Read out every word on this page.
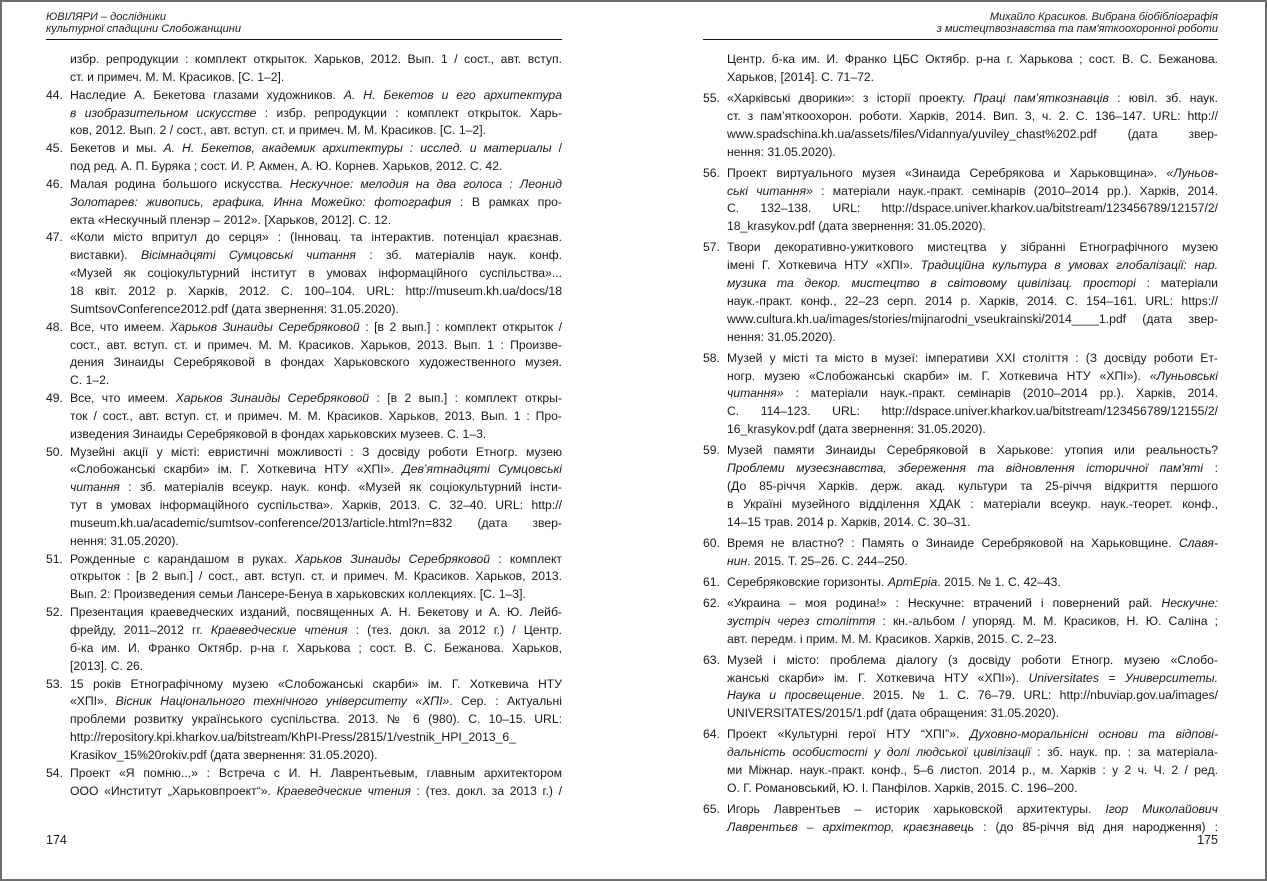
ЮВІЛЯРИ – дослідники
культурної спадщини Слобожанщини
избр. репродукции : комплект открыток. Харьков, 2012. Вып. 1 / сост., авт. вступ.
ст. и примеч. М. М. Красиков. [С. 1–2].
44. Наследие А. Бекетова глазами художников. А. Н. Бекетов и его архитектура
в изобразительном искусстве : избр. репродукции : комплект открыток. Харь-
ков, 2012. Вып. 2 / сост., авт. вступ. ст. и примеч. М. М. Красиков. [С. 1–2].
45. Бекетов и мы. А. Н. Бекетов, академик архитектуры : исслед. и материалы /
под ред. А. П. Буряка ; сост. И. Р. Акмен, А. Ю. Корнев. Харьков, 2012. С. 42.
46. Малая родина большого искусства. Нескучное: мелодия на два голоса : Леонид
Золотарев: живопись, графика. Инна Можейко: фотография : В рамках про-
екта «Нескучный пленэр – 2012». [Харьков, 2012]. С. 12.
47. «Коли місто впритул до серця» : (Інновац. та інтерактив. потенціал краєзнав.
виставки). Вісімнадцяті Сумцовські читання : зб. матеріалів наук. конф.
«Музей як соціокультурний інститут в умовах інформаційного суспільства»...
18 квіт. 2012 р. Харків, 2012. С. 100–104. URL: http://museum.kh.ua/docs/18
SumtsovConference2012.pdf (дата звернення: 31.05.2020).
48. Все, что имеем. Харьков Зинаиды Серебряковой : [в 2 вып.] : комплект открыток /
сост., авт. вступ. ст. и примеч. М. М. Красиков. Харьков, 2013. Вып. 1 : Произве-
дения Зинаиды Серебряковой в фондах Харьковского художественного музея.
С. 1–2.
49. Все, что имеем. Харьков Зинаиды Серебряковой : [в 2 вып.] : комплект откры-
ток / сост., авт. вступ. ст. и примеч. М. М. Красиков. Харьков, 2013. Вып. 1 : Про-
изведения Зинаиды Серебряковой в фондах харьковских музеев. С. 1–3.
50. Музейні акції у місті: евристичні можливості : З досвіду роботи Етногр. музею
«Слобожанські скарби» ім. Г. Хоткевича НТУ «ХПІ». Дев’ятнадцяті Сумцовські
читання : зб. матеріалів всеукр. наук. конф. «Музей як соціокультурний інсти-
тут в умовах інформаційного суспільства». Харків, 2013. С. 32–40. URL: http://
museum.kh.ua/academic/sumtsov-conference/2013/article.html?n=832 (дата звер-
нення: 31.05.2020).
51. Рожденные с карандашом в руках. Харьков Зинаиды Серебряковой : комплект
открыток : [в 2 вып.] / сост., авт. вступ. ст. и примеч. М. Красиков. Харьков, 2013.
Вып. 2: Произведения семьи Лансере-Бенуа в харьковских коллекциях. [С. 1–3].
52. Презентация краеведческих изданий, посвященных А. Н. Бекетову и А. Ю. Лейб-
фрейду, 2011–2012 гг. Краеведческие чтения : (тез. докл. за 2012 г.) / Центр.
б-ка им. И. Франко Октябр. р-на г. Харькова ; сост. В. С. Бежанова. Харьков,
[2013]. С. 26.
53. 15 років Етнографічному музею «Слобожанські скарби» ім. Г. Хоткевича НТУ
«ХПІ». Вісник Національного технічного університету «ХПІ». Сер. : Актуальні
проблеми розвитку українського суспільства. 2013. № 6 (980). С. 10–15. URL:
http://repository.kpi.kharkov.ua/bitstream/KhPI-Press/2815/1/vestnik_HPI_2013_6_
Krasikov_15%20rokiv.pdf (дата звернення: 31.05.2020).
54. Проект «Я помню...» : Встреча с И. Н. Лаврентьевым, главным архитектором
ООО «Институт „Харьковпроект“». Краеведческие чтения : (тез. докл. за 2013 г.) /
174
Михайло Красиков. Вибрана біобібліографія
з мистецтвознавства та пам'яткоохоронної роботи
Центр. б-ка им. И. Франко ЦБС Октябр. р-на г. Харькова ; сост. В. С. Бежанова.
Харьков, [2014]. С. 71–72.
55. «Харківські дворики»: з історії проекту. Праці пам’яткознавців : ювіл. зб. наук.
ст. з пам’яткоохорон. роботи. Харків, 2014. Вип. 3, ч. 2. С. 136–147. URL: http://
www.spadschina.kh.ua/assets/files/Vidannya/yuviley_chast%202.pdf (дата звер-
нення: 31.05.2020).
56. Проект виртуального музея «Зинаида Серебрякова и Харьковщина». «Луньов-
ські читання» : матеріали наук.-практ. семінарів (2010–2014 рр.). Харків, 2014.
С. 132–138. URL: http://dspace.univer.kharkov.ua/bitstream/123456789/12157/2/
18_krasykov.pdf (дата звернення: 31.05.2020).
57. Твори декоративно-ужиткового мистецтва у зібранні Етнографічного музею
імені Г. Хоткевича НТУ «ХПІ». Традиційна культура в умовах глобалізації: нар.
музика та декор. мистецтво в світовому цивілізац. просторі : матеріали
наук.-практ. конф., 22–23 серп. 2014 р. Харків, 2014. С. 154–161. URL: https://
www.cultura.kh.ua/images/stories/mijnarodni_vseukrainski/2014____1.pdf (дата звер-
нення: 31.05.2020).
58. Музей у місті та місто в музеї: імперативи XXI століття : (З досвіду роботи Ет-
ногр. музею «Слобожанські скарби» ім. Г. Хоткевича НТУ «ХПІ»). «Луньовські
читання» : матеріали наук.-практ. семінарів (2010–2014 рр.). Харків, 2014.
С. 114–123. URL: http://dspace.univer.kharkov.ua/bitstream/123456789/12155/2/
16_krasykov.pdf (дата звернення: 31.05.2020).
59. Музей памяти Зинаиды Серебряковой в Харькове: утопия или реальность?
Проблеми музеєзнавства, збереження та відновлення історичної пам'яті :
(До 85-річчя Харків. держ. акад. культури та 25-річчя відкриття першого
в Україні музейного відділення ХДАК : матеріали всеукр. наук.-теорет. конф.,
14–15 трав. 2014 р. Харків, 2014. С. 30–31.
60. Время не властно? : Память о Зинаиде Серебряковой на Харьковщине. Славя-
нин. 2015. Т. 25–26. С. 244–250.
61. Серебряковские горизонты. АртЕрiа. 2015. № 1. С. 42–43.
62. «Украина – моя родина!» : Нескучне: втрачений і повернений рай. Нескучне:
зустріч через століття : кн.-альбом / упоряд. М. М. Красиков, Н. Ю. Саліна ;
авт. передм. і прим. М. М. Красиков. Харків, 2015. С. 2–23.
63. Музей і місто: проблема діалогу (з досвіду роботи Етногр. музею «Слобо-
жанські скарби» ім. Г. Хоткевича НТУ «ХПІ»). Universitates = Университеты.
Наука и просвещение. 2015. № 1. С. 76–79. URL: http://nbuviap.gov.ua/images/
UNIVERSITATES/2015/1.pdf (дата обращения: 31.05.2020).
64. Проект «Культурні герої НТУ “ХПІ”». Духовно-моральнісні основи та відпові-
дальність особистості у долі людської цивілізації : зб. наук. пр. : за матеріала-
ми Міжнар. наук.-практ. конф., 5–6 листоп. 2014 р., м. Харків : у 2 ч. Ч. 2 / ред.
О. Г. Романовський, Ю. І. Панфілов. Харків, 2015. С. 196–200.
65. Игорь Лаврентьев – историк харьковской архитектуры. Ігор Миколайович
Лаврентьєв – архітектор, краєзнавець : (до 85-річчя від дня народження) :
175
